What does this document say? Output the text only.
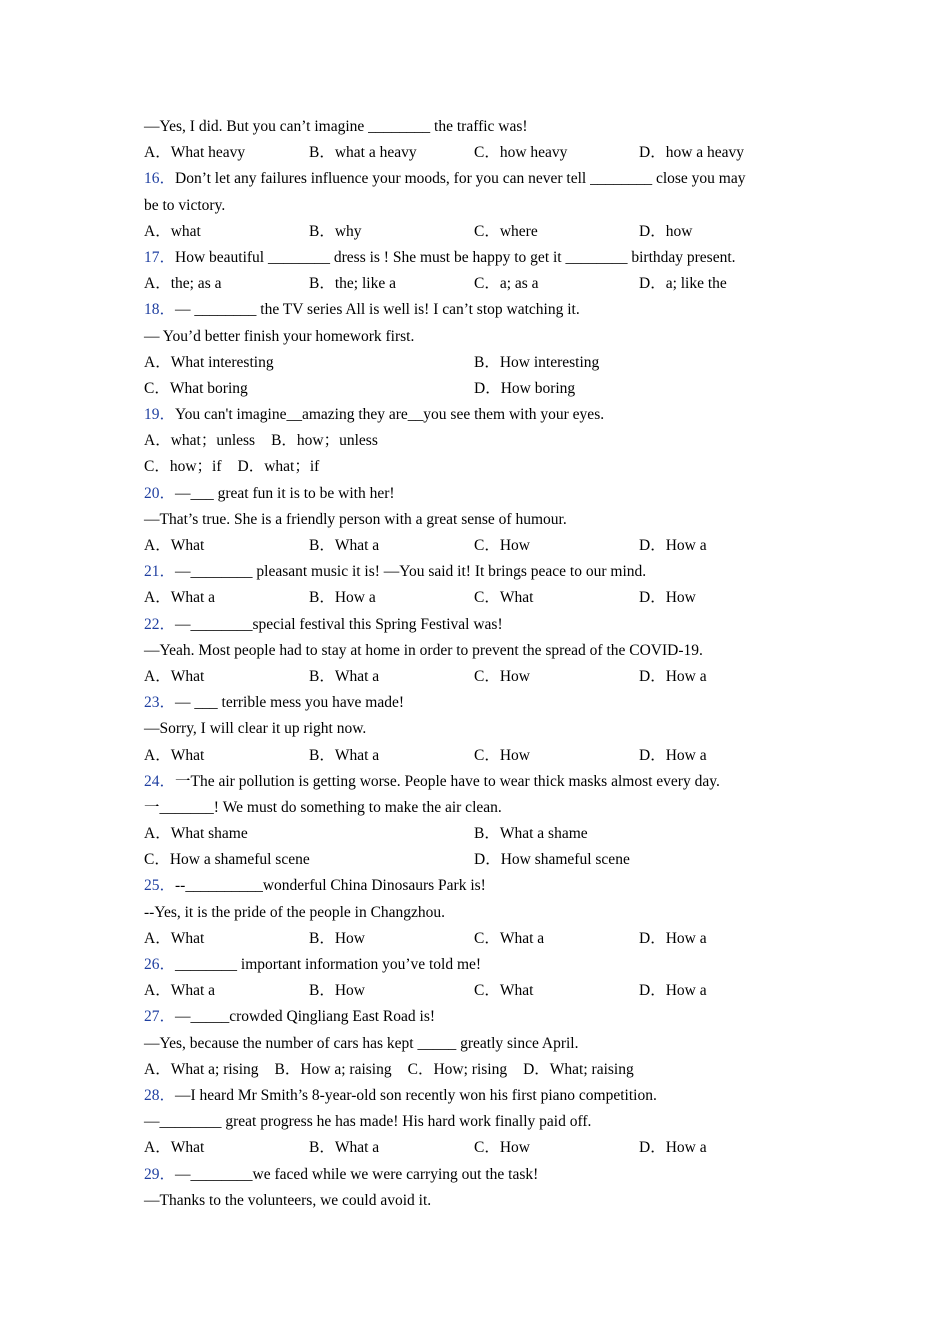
—Yes, I did. But you can’t imagine ________ the traffic was!
A．What heavy	B．what a heavy	C．how heavy	D．how a heavy
16．Don’t let any failures influence your moods, for you can never tell ________ close you may
be to victory.
A．what	B．why	C．where	D．how
17．How beautiful ________ dress is ! She must be happy to get it ________ birthday present.
A．the; as a	B．the; like a	C．a; as a	D．a; like the
18．— ________ the TV series All is well is! I can’t stop watching it.
— You’d better finish your homework first.
A．What interesting	B．How interesting
C．What boring	D．How boring
19．You can't imagine__amazing they are__you see them with your eyes.
A．what；unless B．how；unless
C．how；if D．what；if
20．—___ great fun it is to be with her!
—That’s true. She is a friendly person with a great sense of humour.
A．What	B．What a	C．How	D．How a
21．—________ pleasant music it is! —You said it! It brings peace to our mind.
A．What a	B．How a	C．What	D．How
22．—________special festival this Spring Festival was!
—Yeah. Most people had to stay at home in order to prevent the spread of the COVID-19.
A．What	B．What a	C．How	D．How a
23．— ___ terrible mess you have made!
—Sorry, I will clear it up right now.
A．What	B．What a	C．How	D．How a
24．一The air pollution is getting worse. People have to wear thick masks almost every day.
一_______! We must do something to make the air clean.
A．What shame	B．What a shame
C．How a shameful scene	D．How shameful scene
25．--__________wonderful China Dinosaurs Park is!
--Yes, it is the pride of the people in Changzhou.
A．What	B．How	C．What a	D．How a
26．________ important information you’ve told me!
A．What a	B．How	C．What	D．How a
27．—_____crowded Qingliang East Road is!
—Yes, because the number of cars has kept _____ greatly since April.
A．What a; rising B．How a; raising C．How; rising D．What; raising
28．—I heard Mr Smith’s 8-year-old son recently won his first piano competition.
—________ great progress he has made! His hard work finally paid off.
A．What	B．What a	C．How	D．How a
29．—________we faced while we were carrying out the task!
—Thanks to the volunteers, we could avoid it.
